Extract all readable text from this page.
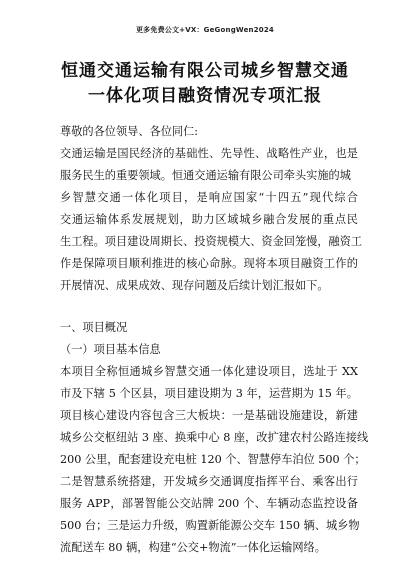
更多免费公文+VX：GeGongWen2024
恒通交通运输有限公司城乡智慧交通
一体化项目融资情况专项汇报
尊敬的各位领导、各位同仁:
交通运输是国民经济的基础性、先导性、战略性产业，也是
服务民生的重要领域。恒通交通运输有限公司牵头实施的城
乡智慧交通一体化项目，是响应国家“十四五”现代综合
交通运输体系发展规划，助力区域城乡融合发展的重点民
生工程。项目建设周期长、投资规模大、资金回笼慢，融资工
作是保障项目顺利推进的核心命脉。现将本项目融资工作的
开展情况、成果成效、现存问题及后续计划汇报如下。
一、项目概况
（一）项目基本信息
本项目全称恒通城乡智慧交通一体化建设项目，选址于 XX
市及下辖 5 个区县，项目建设期为 3 年，运营期为 15 年。
项目核心建设内容包含三大板块：一是基础设施建设，新建
城乡公交枢纽站 3 座、换乘中心 8 座，改扩建农村公路连接线
200 公里，配套建设充电桩 120 个、智慧停车泊位 500 个；
二是智慧系统搭建，开发城乡交通调度指挥平台、乘客出行
服务 APP，部署智能公交站牌 200 个、车辆动态监控设备
500 台；三是运力升级，购置新能源公交车 150 辆、城乡物
流配送车 80 辆，构建“公交+物流”一体化运输网络。
